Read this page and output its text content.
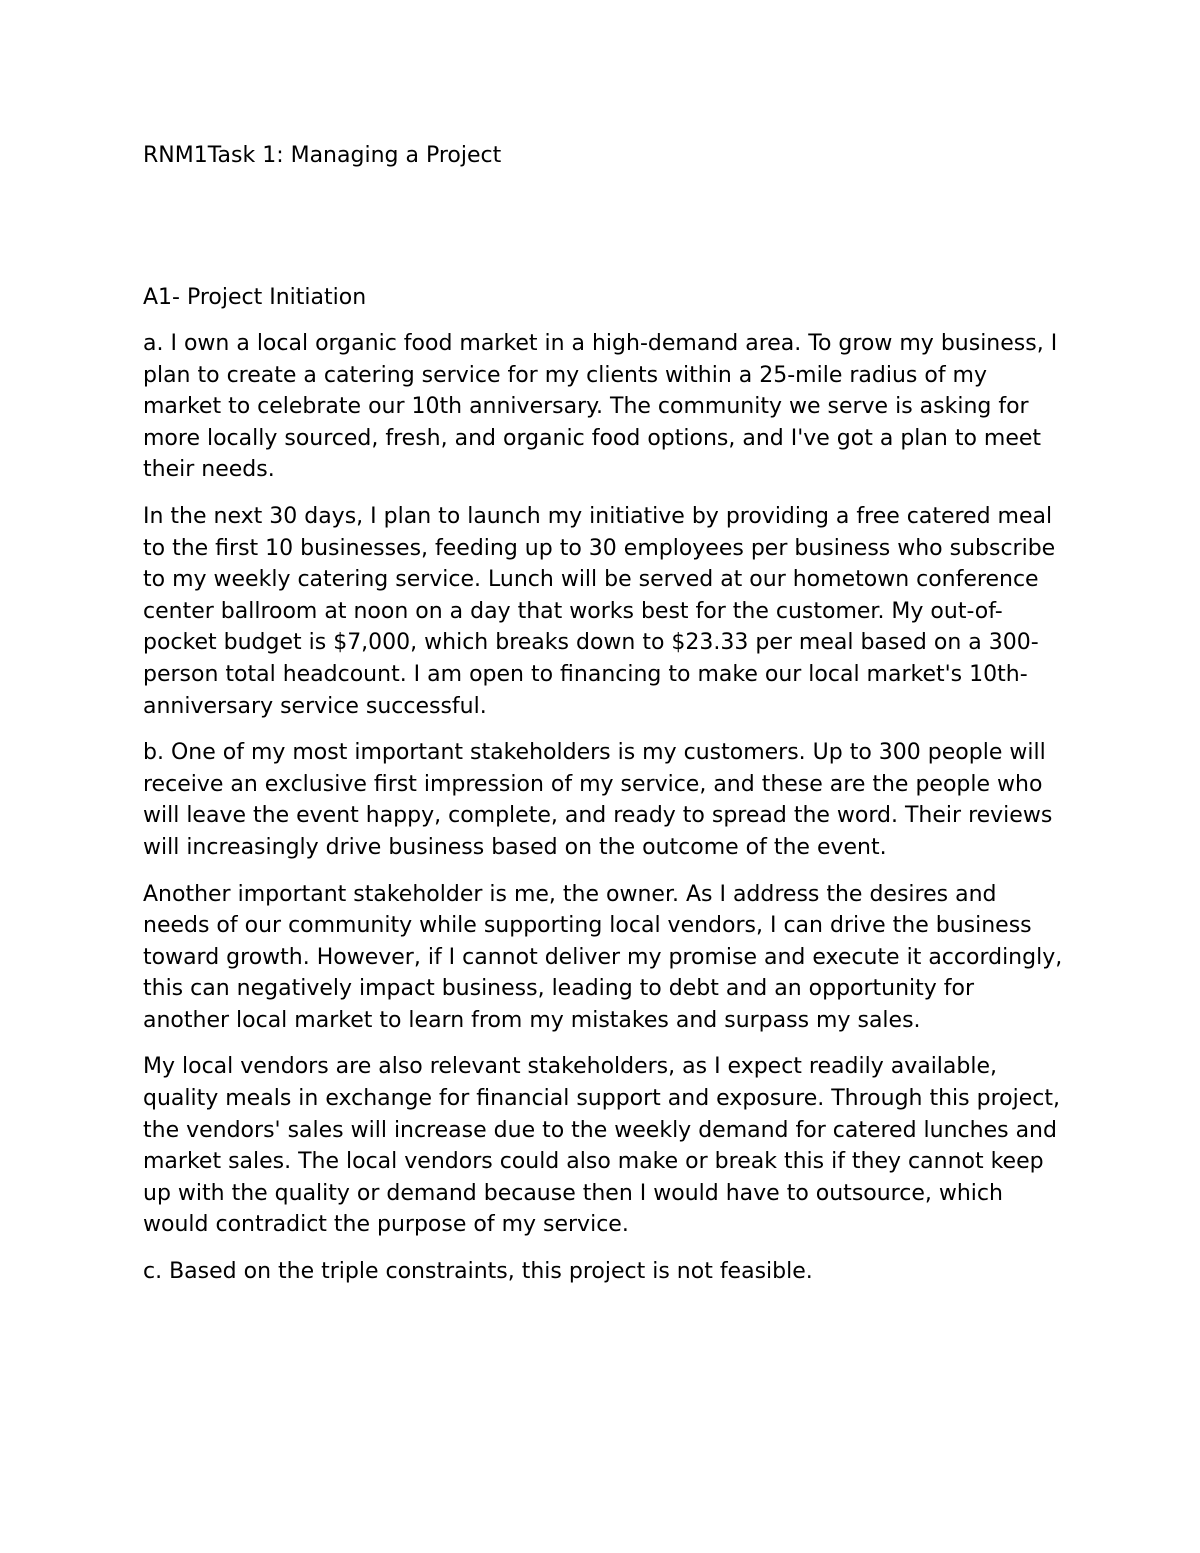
RNM1Task 1: Managing a Project
A1- Project Initiation

a. I own a local organic food market in a high-demand area. To grow my business, I plan to create a catering service for my clients within a 25-mile radius of my market to celebrate our 10th anniversary. The community we serve is asking for more locally sourced, fresh, and organic food options, and I've got a plan to meet their needs.

In the next 30 days, I plan to launch my initiative by providing a free catered meal to the first 10 businesses, feeding up to 30 employees per business who subscribe to my weekly catering service. Lunch will be served at our hometown conference center ballroom at noon on a day that works best for the customer. My out-of-pocket budget is $7,000, which breaks down to $23.33 per meal based on a 300-person total headcount. I am open to financing to make our local market's 10th-anniversary service successful.

b. One of my most important stakeholders is my customers. Up to 300 people will receive an exclusive first impression of my service, and these are the people who will leave the event happy, complete, and ready to spread the word. Their reviews will increasingly drive business based on the outcome of the event.

Another important stakeholder is me, the owner. As I address the desires and needs of our community while supporting local vendors, I can drive the business toward growth. However, if I cannot deliver my promise and execute it accordingly, this can negatively impact business, leading to debt and an opportunity for another local market to learn from my mistakes and surpass my sales.

My local vendors are also relevant stakeholders, as I expect readily available, quality meals in exchange for financial support and exposure. Through this project, the vendors' sales will increase due to the weekly demand for catered lunches and market sales. The local vendors could also make or break this if they cannot keep up with the quality or demand because then I would have to outsource, which would contradict the purpose of my service.

c. Based on the triple constraints, this project is not feasible.
